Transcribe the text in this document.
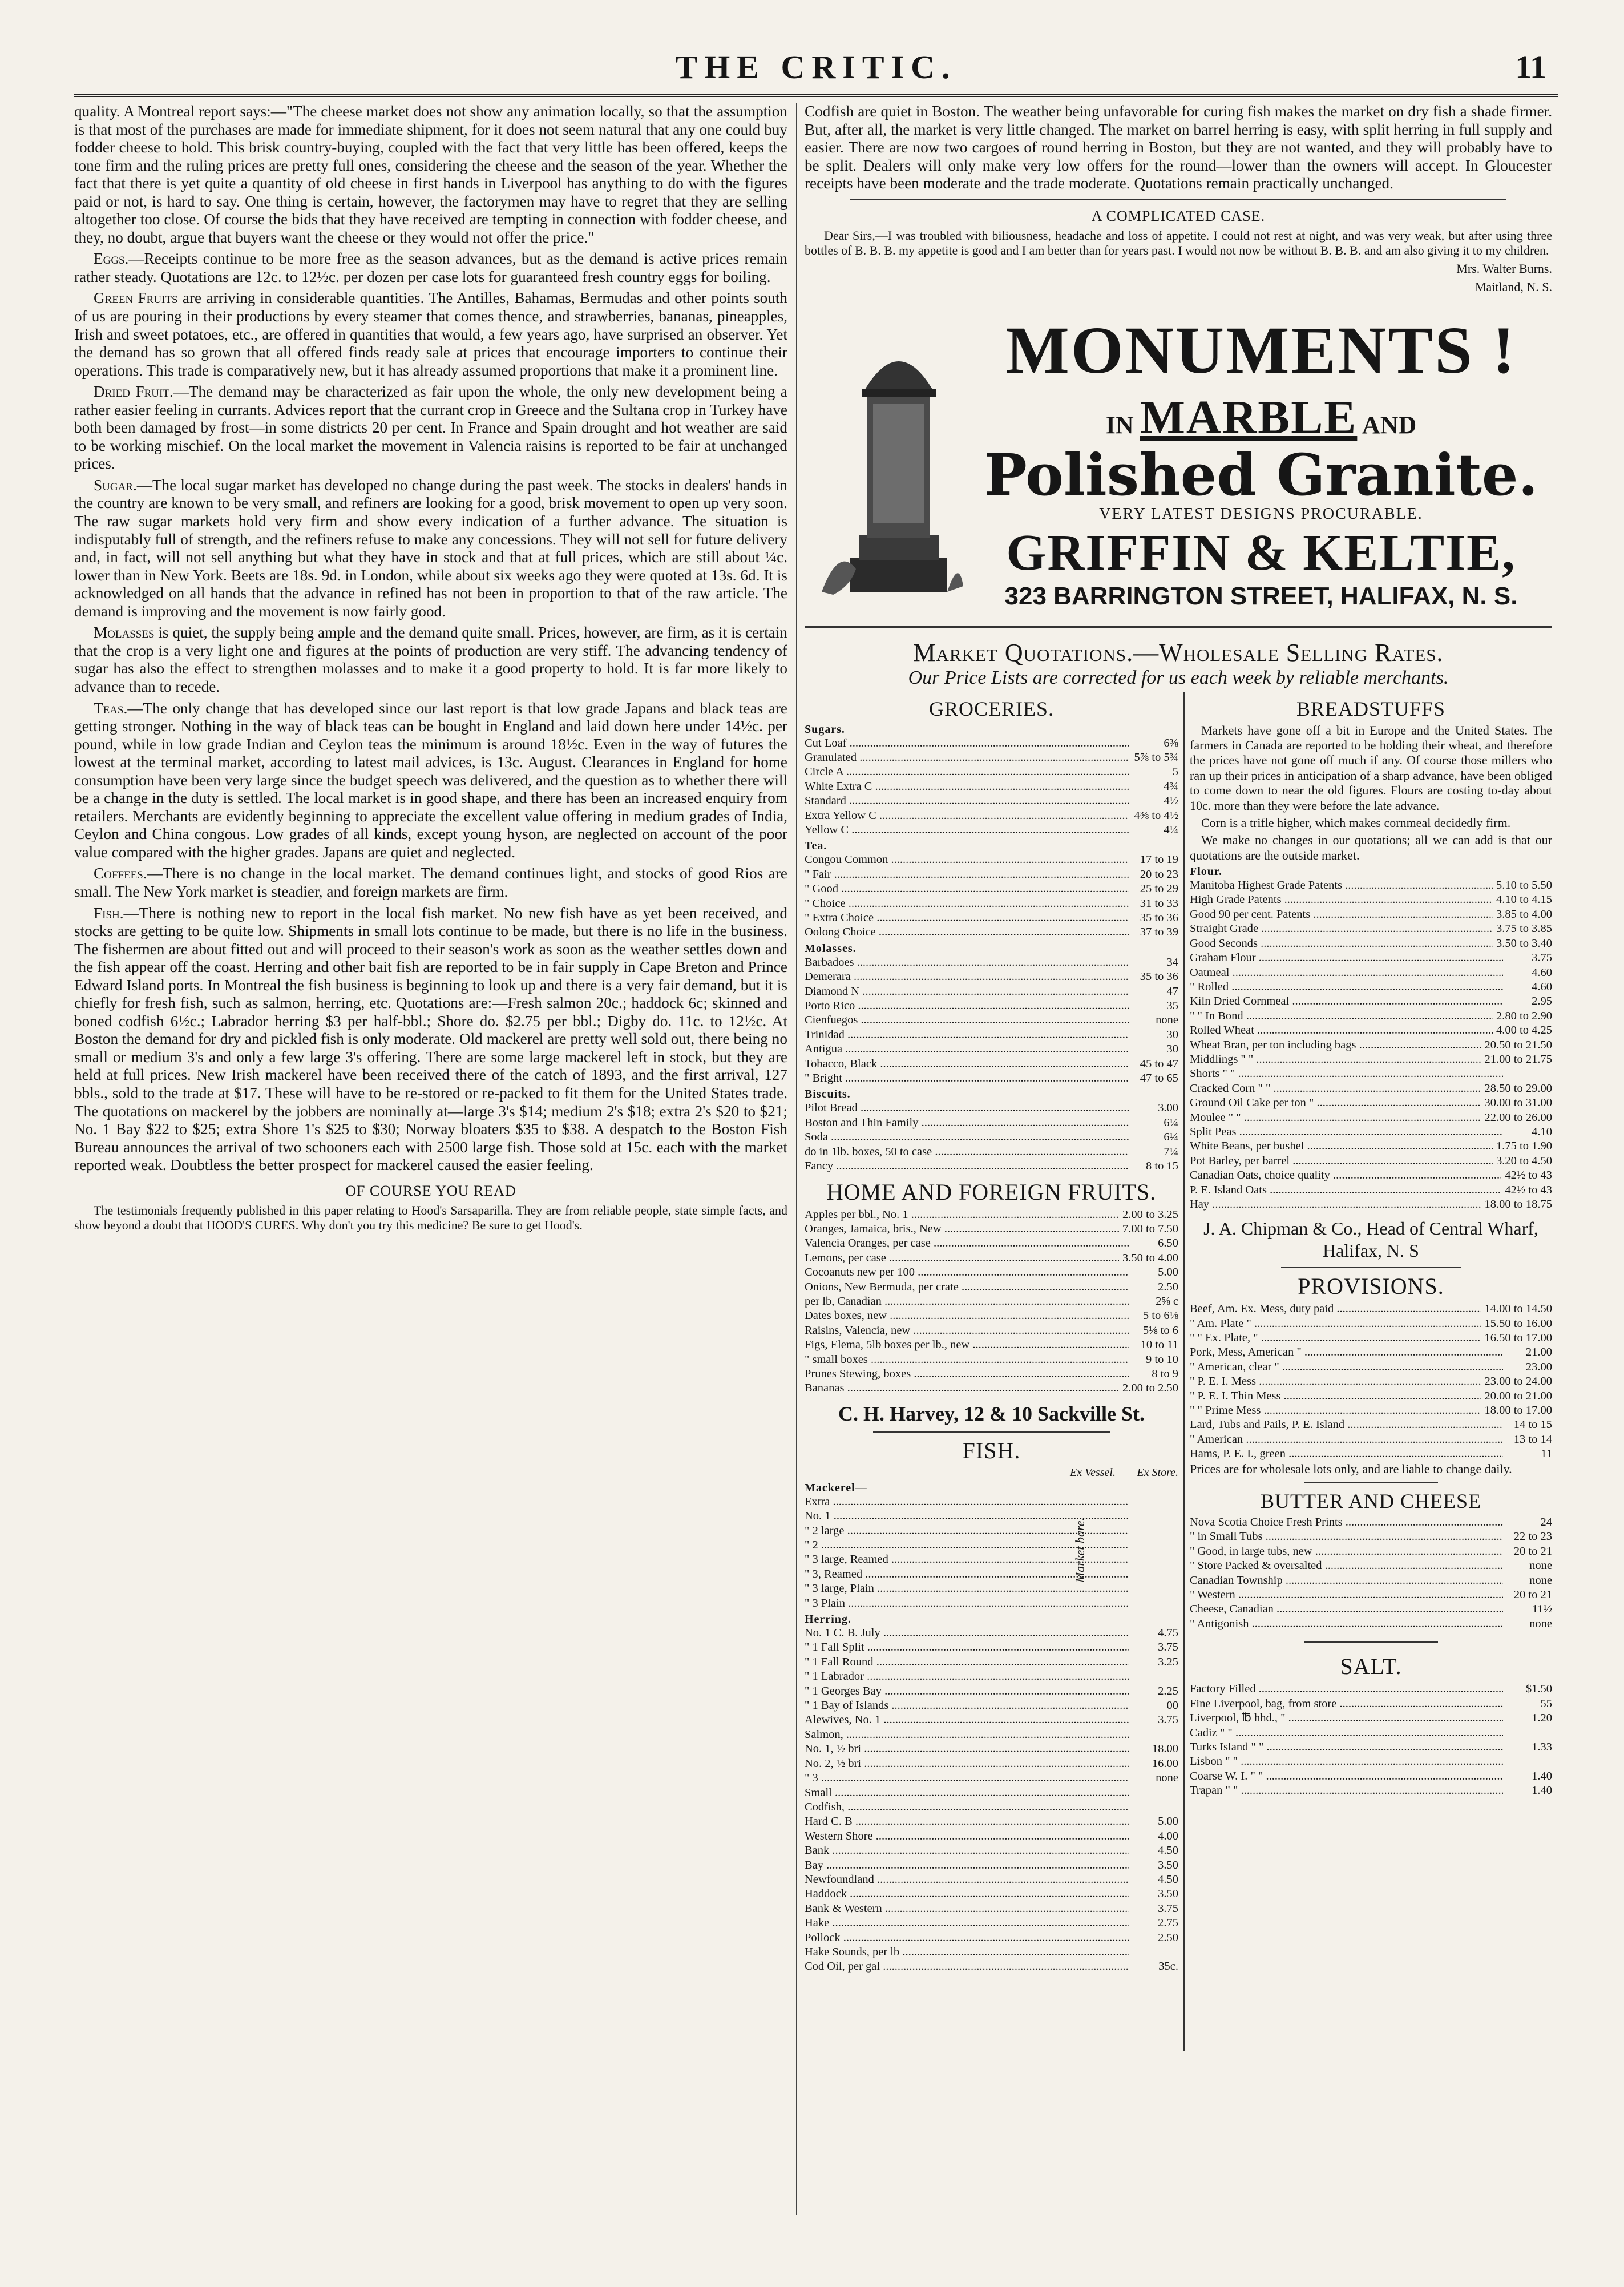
THE CRITIC.	11

quality. A Montreal report says:—"The cheese market does not show any animation locally, so that the assumption is that most of the purchases are made for immediate shipment, for it does not seem natural that any one could buy fodder cheese to hold. This brisk country-buying, coupled with the fact that very little has been offered, keeps the tone firm and the ruling prices are pretty full ones, considering the cheese and the season of the year. Whether the fact that there is yet quite a quantity of old cheese in first hands in Liverpool has anything to do with the figures paid or not, is hard to say. One thing is certain, however, the factorymen may have to regret that they are selling altogether too close. Of course the bids that they have received are tempting in connection with fodder cheese, and they, no doubt, argue that buyers want the cheese or they would not offer the price."

Eggs.—Receipts continue to be more free as the season advances, but as the demand is active prices remain rather steady. Quotations are 12c. to 12½c. per dozen per case lots for guaranteed fresh country eggs for boiling.

Green Fruits are arriving in considerable quantities. The Antilles, Bahamas, Bermudas and other points south of us are pouring in their productions by every steamer that comes thence, and strawberries, bananas, pineapples, Irish and sweet potatoes, etc., are offered in quantities that would, a few years ago, have surprised an observer. Yet the demand has so grown that all offered finds ready sale at prices that encourage importers to continue their operations. This trade is comparatively new, but it has already assumed proportions that make it a prominent line.

Dried Fruit.—The demand may be characterized as fair upon the whole, the only new development being a rather easier feeling in currants. Advices report that the currant crop in Greece and the Sultana crop in Turkey have both been damaged by frost—in some districts 20 per cent. In France and Spain drought and hot weather are said to be working mischief. On the local market the movement in Valencia raisins is reported to be fair at unchanged prices.

Sugar.—The local sugar market has developed no change during the past week. The stocks in dealers' hands in the country are known to be very small, and refiners are looking for a good, brisk movement to open up very soon. The raw sugar markets hold very firm and show every indication of a further advance. The situation is indisputably full of strength, and the refiners refuse to make any concessions. They will not sell for future delivery and, in fact, will not sell anything but what they have in stock and that at full prices, which are still about ¼c. lower than in New York. Beets are 18s. 9d. in London, while about six weeks ago they were quoted at 13s. 6d. It is acknowledged on all hands that the advance in refined has not been in proportion to that of the raw article. The demand is improving and the movement is now fairly good.

Molasses is quiet, the supply being ample and the demand quite small. Prices, however, are firm, as it is certain that the crop is a very light one and figures at the points of production are very stiff. The advancing tendency of sugar has also the effect to strengthen molasses and to make it a good property to hold. It is far more likely to advance than to recede.

Teas.—The only change that has developed since our last report is that low grade Japans and black teas are getting stronger. Nothing in the way of black teas can be bought in England and laid down here under 14½c. per pound, while in low grade Indian and Ceylon teas the minimum is around 18½c. Even in the way of futures the lowest at the terminal market, according to latest mail advices, is 13c. August. Clearances in England for home consumption have been very large since the budget speech was delivered, and the question as to whether there will be a change in the duty is settled. The local market is in good shape, and there has been an increased enquiry from retailers. Merchants are evidently beginning to appreciate the excellent value offering in medium grades of India, Ceylon and China congous. Low grades of all kinds, except young hyson, are neglected on account of the poor value compared with the higher grades. Japans are quiet and neglected.

Coffees.—There is no change in the local market. The demand continues light, and stocks of good Rios are small. The New York market is steadier, and foreign markets are firm.

Fish.—There is nothing new to report in the local fish market. No new fish have as yet been received, and stocks are getting to be quite low. Shipments in small lots continue to be made, but there is no life in the business. The fishermen are about fitted out and will proceed to their season's work as soon as the weather settles down and the fish appear off the coast. Herring and other bait fish are reported to be in fair supply in Cape Breton and Prince Edward Island ports. In Montreal the fish business is beginning to look up and there is a very fair demand, but it is chiefly for fresh fish, such as salmon, herring, etc. Quotations are:—Fresh salmon 20c.; haddock 6c; skinned and boned codfish 6½c.; Labrador herring $3 per half-bbl.; Shore do. $2.75 per bbl.; Digby do. 11c. to 12½c. At Boston the demand for dry and pickled fish is only moderate. Old mackerel are pretty well sold out, there being no small or medium 3's and only a few large 3's offering. There are some large mackerel left in stock, but they are held at full prices. New Irish mackerel have been received there of the catch of 1893, and the first arrival, 127 bbls., sold to the trade at $17. These will have to be re-stored or re-packed to fit them for the United States trade. The quotations on mackerel by the jobbers are nominally at—large 3's $14; medium 2's $18; extra 2's $20 to $21; No. 1 Bay $22 to $25; extra Shore 1's $25 to $30; Norway bloaters $35 to $38. A despatch to the Boston Fish Bureau announces the arrival of two schooners each with 2500 large fish. Those sold at 15c. each with the market reported weak. Doubtless the better prospect for mackerel caused the easier feeling.

OF COURSE YOU READ

The testimonials frequently published in this paper relating to Hood's Sarsaparilla. They are from reliable people, state simple facts, and show beyond a doubt that HOOD'S CURES. Why don't you try this medicine? Be sure to get Hood's.

Codfish are quiet in Boston. The weather being unfavorable for curing fish makes the market on dry fish a shade firmer. But, after all, the market is very little changed. The market on barrel herring is easy, with split herring in full supply and easier. There are now two cargoes of round herring in Boston, but they are not wanted, and they will probably have to be split. Dealers will only make very low offers for the round—lower than the owners will accept. In Gloucester receipts have been moderate and the trade moderate. Quotations remain practically unchanged.

A COMPLICATED CASE.

Dear Sirs,—I was troubled with biliousness, headache and loss of appetite. I could not rest at night, and was very weak, but after using three bottles of B. B. B. my appetite is good and I am better than for years past. I would not now be without B. B. B. and am also giving it to my children.

Mrs. Walter Burns.

Maitland, N. S.

MONUMENTS !
IN MARBLE AND
Polished Granite.
VERY LATEST DESIGNS PROCURABLE.
GRIFFIN & KELTIE,
323 BARRINGTON STREET, HALIFAX, N. S.
Market Quotations.—Wholesale Selling Rates.
Our Price Lists are corrected for us each week by reliable merchants.
GROCERIES.
Sugars.
Cut Loaf .....	6⅜
Granulated .....	5⅞ to 5¾
Circle A .....	5
White Extra C .....	4¾
Standard .....	4½
Extra Yellow C .....	4⅜ to 4½
Yellow C .....	4¼
Tea.
Congou Common .....	17 to 19
" Fair .....	20 to 23
" Good .....	25 to 29
" Choice .....	31 to 33
" Extra Choice .....	35 to 36
Oolong Choice .....	37 to 39
Molasses.
Barbadoes .....	34
Demerara .....	35 to 36
Diamond N .....	47
Porto Rico .....	35
Cienfuegos .....	none
Trinidad .....	30
Antigua .....	30
Tobacco, Black .....	45 to 47
" Bright .....	47 to 65
Biscuits.
Pilot Bread .....	3.00
Boston and Thin Family .....	6¼
Soda .....	6¼
do in 1lb. boxes, 50 to case .....	7¼
Fancy .....	8 to 15
HOME AND FOREIGN FRUITS.
Apples per bbl., No. 1 .....	2.00 to 3.25
Oranges, Jamaica, bris., New .....	7.00 to 7.50
Valencia Oranges, per case .....	6.50
Lemons, per case .....	3.50 to 4.00
Cocoanuts new per 100 .....	5.00
Onions, New Bermuda, per crate .....	2.50
per lb, Canadian .....	2⅝ c
Dates boxes, new .....	5 to 6⅛
Raisins, Valencia, new .....	5⅛ to 6
Figs, Elema, 5lb boxes per lb., new .....	10 to 11
" small boxes .....	9 to 10
Prunes Stewing, boxes .....	8 to 9
Bananas .....	2.00 to 2.50
C. H. Harvey, 12 & 10 Sackville St.
FISH.
Ex Vessel.	Ex Store.
Mackerel—
Extra .....
No. 1 .....
" 2 large .....
" 2 .....
" 3 large, Reamed .....
" 3, Reamed .....
" 3 large, Plain .....
" 3 Plain .....
Market bare.
Herring.
No. 1 C. B. July .....	4.75
" 1 Fall Split .....	3.75
" 1 Fall Round .....	3.25
" 1 Labrador .....
" 1 Georges Bay .....	2.25
" 1 Bay of Islands .....	00
Alewives, No. 1 .....	3.75
Salmon, .....
No. 1, ½ bri .....	18.00
No. 2, ½ bri .....	16.00
" 3 .....	none
Small .....
Codfish, .....
Hard C. B .....	5.00
Western Shore .....	4.00
Bank .....	4.50
Bay .....	3.50
Newfoundland .....	4.50
Haddock .....	3.50
Bank & Western .....	3.75
Hake .....	2.75
Pollock .....	2.50
Hake Sounds, per lb .....
Cod Oil, per gal .....	35c.
BREADSTUFFS

Markets have gone off a bit in Europe and the United States. The farmers in Canada are reported to be holding their wheat, and therefore the prices have not gone off much if any. Of course those millers who ran up their prices in anticipation of a sharp advance, have been obliged to come down to near the old figures. Flours are costing to-day about 10c. more than they were before the late advance.

Corn is a trifle higher, which makes cornmeal decidedly firm.

We make no changes in our quotations; all we can add is that our quotations are the outside market.

Flour.
Manitoba Highest Grade Patents .....	5.10 to 5.50
High Grade Patents .....	4.10 to 4.15
Good 90 per cent. Patents .....	3.85 to 4.00
Straight Grade .....	3.75 to 3.85
Good Seconds .....	3.50 to 3.40
Graham Flour .....	3.75
Oatmeal .....	4.60
" Rolled .....	4.60
Kiln Dried Cornmeal .....	2.95
" " In Bond .....	2.80 to 2.90
Rolled Wheat .....	4.00 to 4.25
Wheat Bran, per ton including bags .....	20.50 to 21.50
Middlings " " .....	21.00 to 21.75
Shorts " " .....
Cracked Corn " " .....	28.50 to 29.00
Ground Oil Cake per ton " .....	30.00 to 31.00
Moulee " " .....	22.00 to 26.00
Split Peas .....	4.10
White Beans, per bushel .....	1.75 to 1.90
Pot Barley, per barrel .....	3.20 to 4.50
Canadian Oats, choice quality .....	42½ to 43
P. E. Island Oats .....	42½ to 43
Hay .....	18.00 to 18.75
J. A. Chipman & Co., Head of Central Wharf, Halifax, N. S
PROVISIONS.
Beef, Am. Ex. Mess, duty paid .....	14.00 to 14.50
" Am. Plate " .....	15.50 to 16.00
" " Ex. Plate, " .....	16.50 to 17.00
Pork, Mess, American " .....	21.00
" American, clear " .....	23.00
" P. E. I. Mess .....	23.00 to 24.00
" P. E. I. Thin Mess .....	20.00 to 21.00
" " Prime Mess .....	18.00 to 17.00
Lard, Tubs and Pails, P. E. Island .....	14 to 15
" American .....	13 to 14
Hams, P. E. I., green .....	11

Prices are for wholesale lots only, and are liable to change daily.

BUTTER AND CHEESE
Nova Scotia Choice Fresh Prints .....	24
" in Small Tubs .....	22 to 23
" Good, in large tubs, new .....	20 to 21
" Store Packed & oversalted .....	none
Canadian Township .....	none
" Western .....	20 to 21
Cheese, Canadian .....	11½
" Antigonish .....	none
SALT.
Factory Filled .....	$1.50
Fine Liverpool, bag, from store .....	55
Liverpool, ℔ hhd., " .....	1.20
Cadiz " " .....
Turks Island " " .....	1.33
Lisbon " " .....
Coarse W. I. " " .....	1.40
Trapan " " .....	1.40
